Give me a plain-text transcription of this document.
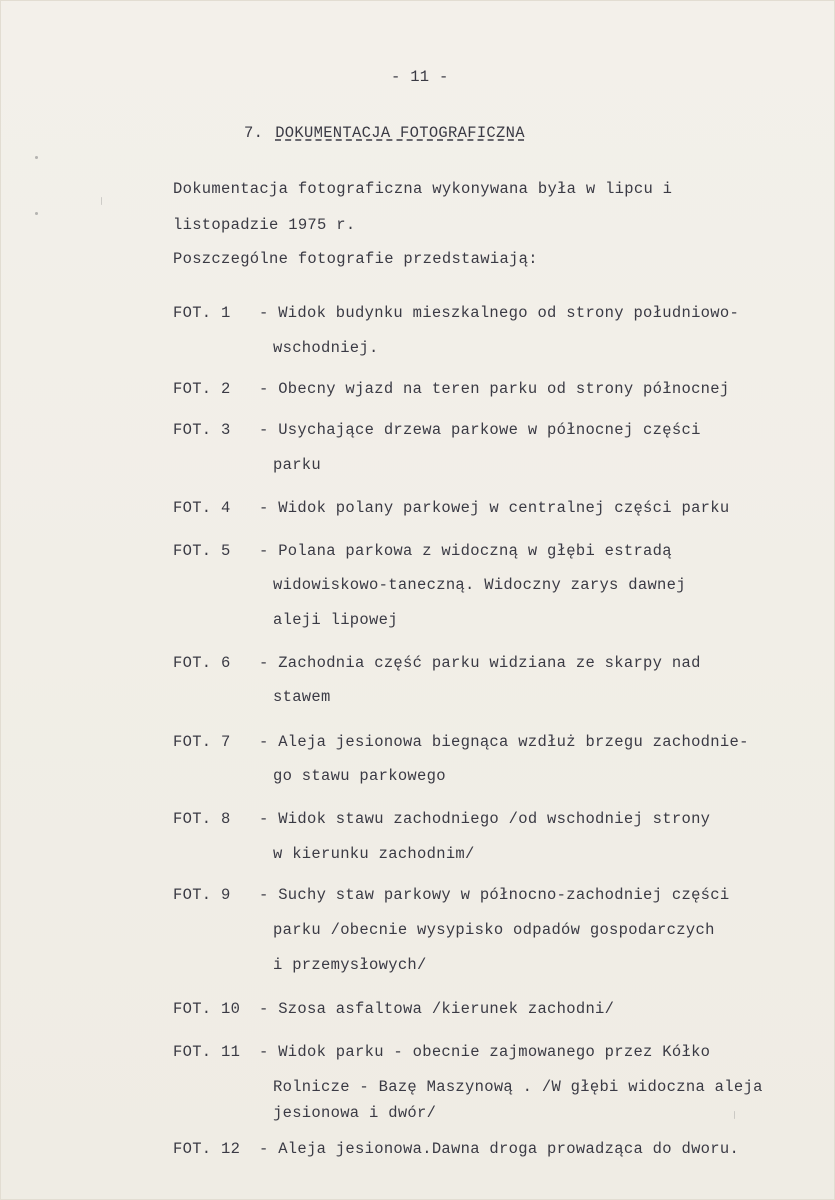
- 11 -
7. DOKUMENTACJA FOTOGRAFICZNA
Dokumentacja fotograficzna wykonywana była w lipcu i
listopadzie 1975 r.
Poszczególne fotografie przedstawiają:
FOT. 1 - Widok budynku mieszkalnego od strony południowo-
wschodniej.
FOT. 2 - Obecny wjazd na teren parku od strony północnej
FOT. 3 - Usychające drzewa parkowe w północnej części
parku
FOT. 4 - Widok polany parkowej w centralnej części parku
FOT. 5 - Polana parkowa z widoczną w głębi estradą
widowiskowo-taneczną. Widoczny zarys dawnej
aleji lipowej
FOT. 6 - Zachodnia część parku widziana ze skarpy nad
stawem
FOT. 7 - Aleja jesionowa biegnąca wzdłuż brzegu zachodnie-
go stawu parkowego
FOT. 8 - Widok stawu zachodniego /od wschodniej strony
w kierunku zachodnim/
FOT. 9 - Suchy staw parkowy w północno-zachodniej części
parku /obecnie wysypisko odpadów gospodarczych
i przemysłowych/
FOT. 10 - Szosa asfaltowa /kierunek zachodni/
FOT. 11 - Widok parku - obecnie zajmowanego przez Kółko
Rolnicze - Bazę Maszynową . /W głębi widoczna aleja
jesionowa i dwór/
FOT. 12 - Aleja jesionowa.Dawna droga prowadząca do dworu.
